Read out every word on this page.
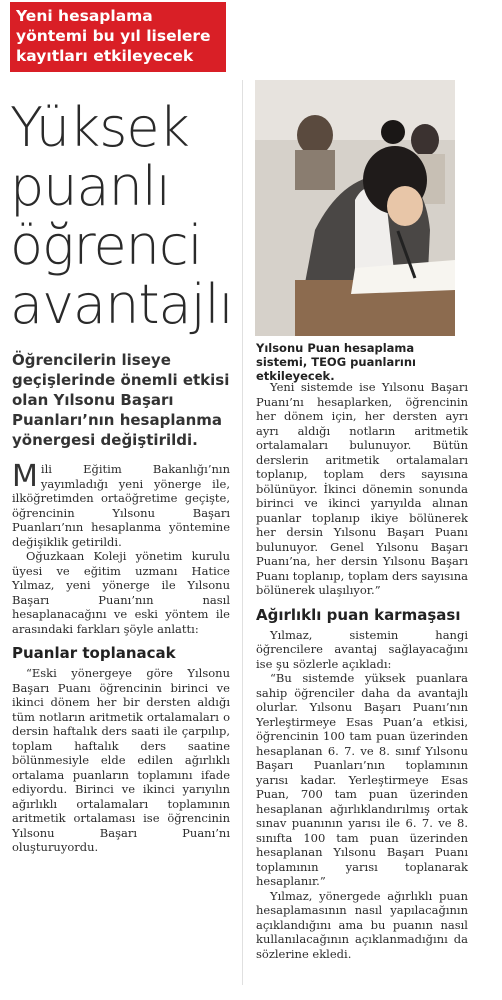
Yeni hesaplama
yöntemi bu yıl liselere
kayıtları etkileyecek
Yüksek
puanlı
öğrenci
avantajlı
Öğrencilerin liseye geçişlerinde önemli etkisi olan Yılsonu Başarı Puanları’nın hesaplanma yönergesi değiştirildi.

Mili Eğitim Bakanlığı’nın yayımladığı yeni yönerge ile, ilköğretimden ortaöğretime geçişte, öğrencinin Yılsonu Başarı Puanları’nın hesaplanma yöntemine değişiklik getirildi.

Oğuzkaan Koleji yönetim kurulu üyesi ve eğitim uzmanı Hatice Yılmaz, yeni yönerge ile Yılsonu Başarı Puanı’nın nasıl hesaplanacağını ve eski yöntem ile arasındaki farkları şöyle anlattı:

Puanlar toplanacak

“Eski yönergeye göre Yılsonu Başarı Puanı öğrencinin birinci ve ikinci dönem her bir dersten aldığı tüm notların aritmetik ortalamaları o dersin haftalık ders saati ile çarpılıp, toplam haftalık ders saatine bölünmesiyle elde edilen ağırlıklı ortalama puanların toplamını ifade ediyordu. Birinci ve ikinci yarıyılın ağırlıklı ortalamaları toplamının aritmetik ortalaması ise öğrencinin Yılsonu Başarı Puanı’nı oluşturuyordu.

Yılsonu Puan hesaplama sistemi, TEOG puanlarını etkileyecek.

Yeni sistemde ise Yılsonu Başarı Puanı’nı hesaplarken, öğrencinin her dönem için, her dersten ayrı ayrı aldığı notların aritmetik ortalamaları bulunuyor. Bütün derslerin aritmetik ortalamaları toplanıp, toplam ders sayısına bölünüyor. İkinci dönemin sonunda birinci ve ikinci yarıyılda alınan puanlar toplanıp ikiye bölünerek her dersin Yılsonu Başarı Puanı bulunuyor. Genel Yılsonu Başarı Puanı’na, her dersin Yılsonu Başarı Puanı toplanıp, toplam ders sayısına bölünerek ulaşılıyor.”

Ağırlıklı puan karmaşası

Yılmaz, sistemin hangi öğrencilere avantaj sağlayacağını ise şu sözlerle açıkladı:

“Bu sistemde yüksek puanlara sahip öğrenciler daha da avantajlı olurlar. Yılsonu Başarı Puanı’nın Yerleştirmeye Esas Puan’a etkisi, öğrencinin 100 tam puan üzerinden hesaplanan 6. 7. ve 8. sınıf Yılsonu Başarı Puanları’nın toplamının yarısı kadar. Yerleştirmeye Esas Puan, 700 tam puan üzerinden hesaplanan ağırlıklandırılmış ortak sınav puanının yarısı ile 6. 7. ve 8. sınıfta 100 tam puan üzerinden hesaplanan Yılsonu Başarı Puanı toplamının yarısı toplanarak hesaplanır.”

Yılmaz, yönergede ağırlıklı puan hesaplamasının nasıl yapılacağının açıklandığını ama bu puanın nasıl kullanılacağının açıklanmadığını da sözlerine ekledi.
